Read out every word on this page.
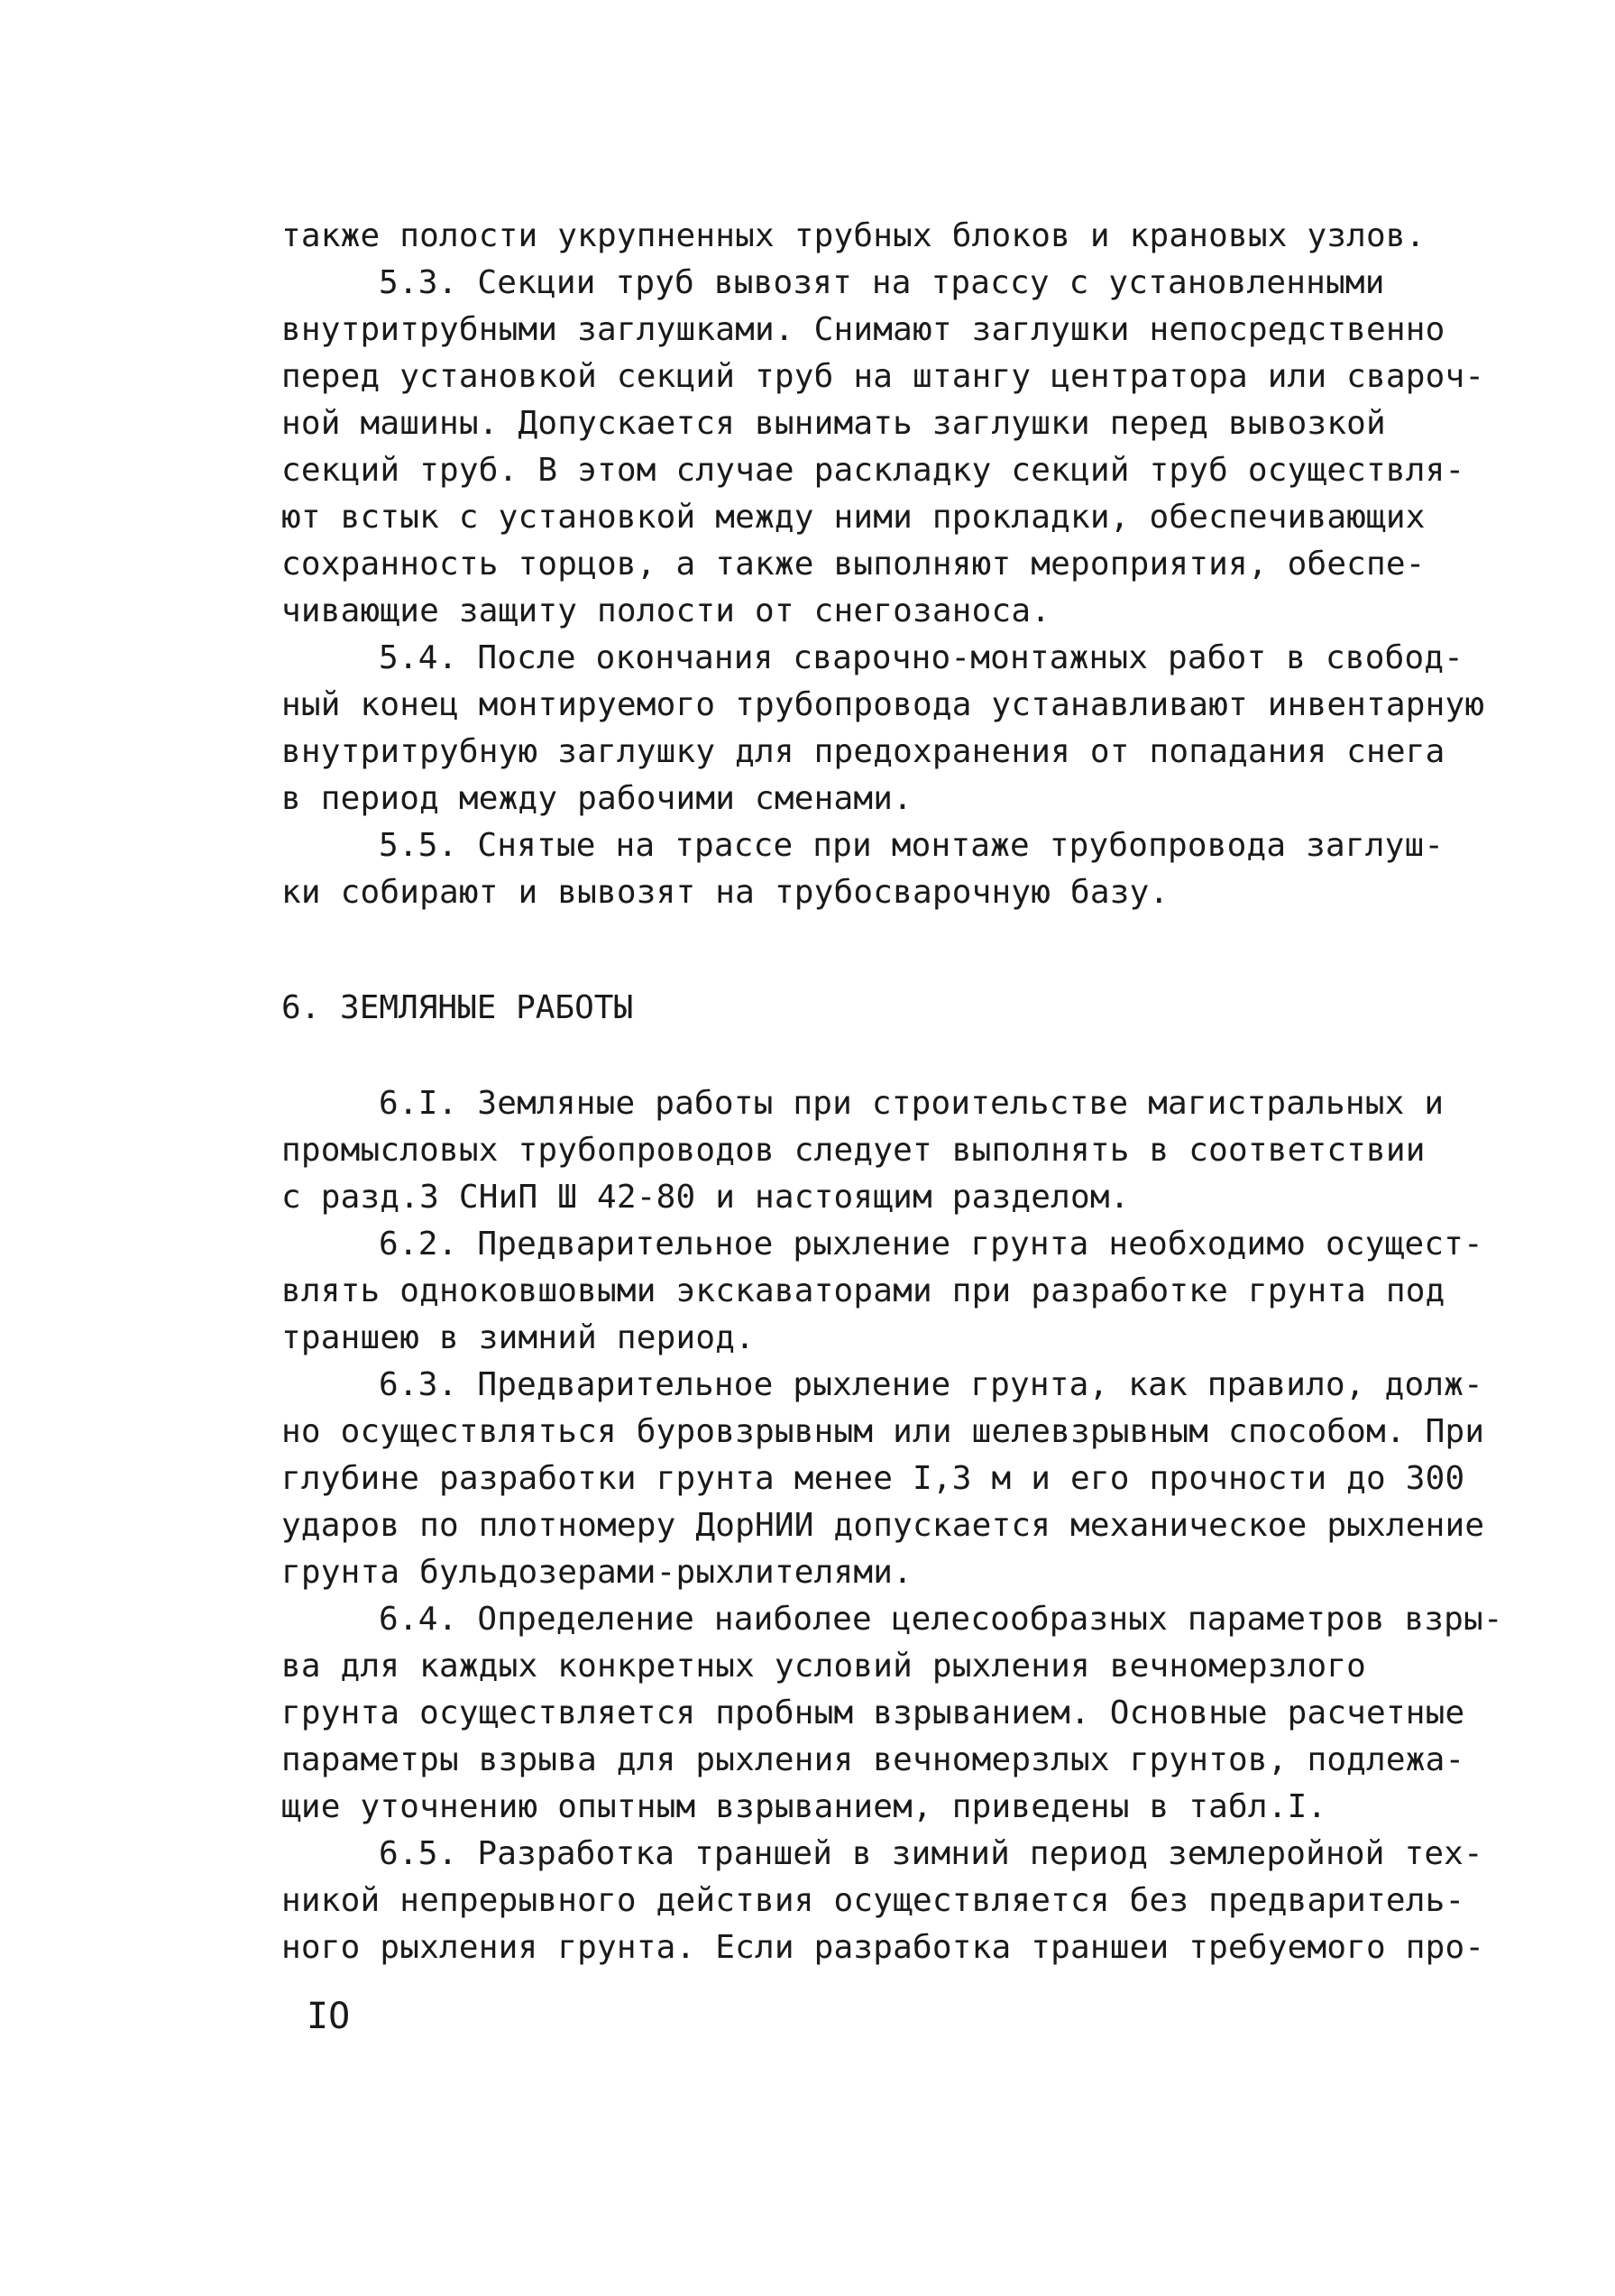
также полости укрупненных трубных блоков и крановых узлов.
5.3. Секции труб вывозят на трассу с установленными
внутритрубными заглушками. Снимают заглушки непосредственно
перед установкой секций труб на штангу центратора или свароч-
ной машины. Допускается вынимать заглушки перед вывозкой
секций труб. В этом случае раскладку секций труб осуществля-
ют встык с установкой между ними прокладки, обеспечивающих
сохранность торцов, а также выполняют мероприятия, обеспе-
чивающие защиту полости от снегозаноса.
5.4. После окончания сварочно-монтажных работ в свобод-
ный конец монтируемого трубопровода устанавливают инвентарную
внутритрубную заглушку для предохранения от попадания снега
в период между рабочими сменами.
5.5. Снятые на трассе при монтаже трубопровода заглуш-
ки собирают и вывозят на трубосварочную базу.
6. ЗЕМЛЯНЫЕ РАБОТЫ
6.I. Земляные работы при строительстве магистральных и
промысловых трубопроводов следует выполнять в соответствии
с разд.3 СНиП Ш 42-80 и настоящим разделом.
6.2. Предварительное рыхление грунта необходимо осущест-
влять одноковшовыми экскаваторами при разработке грунта под
траншею в зимний период.
6.3. Предварительное рыхление грунта, как правило, долж-
но осуществляться буровзрывным или шелевзрывным способом. При
глубине разработки грунта менее I,3 м и его прочности до 300
ударов по плотномеру ДорНИИ допускается механическое рыхление
грунта бульдозерами-рыхлителями.
6.4. Определение наиболее целесообразных параметров взры-
ва для каждых конкретных условий рыхления вечномерзлого
грунта осуществляется пробным взрыванием. Основные расчетные
параметры взрыва для рыхления вечномерзлых грунтов, подлежа-
щие уточнению опытным взрыванием, приведены в табл.I.
6.5. Разработка траншей в зимний период землеройной тех-
никой непрерывного действия осуществляется без предваритель-
ного рыхления грунта. Если разработка траншеи требуемого про-
IO
